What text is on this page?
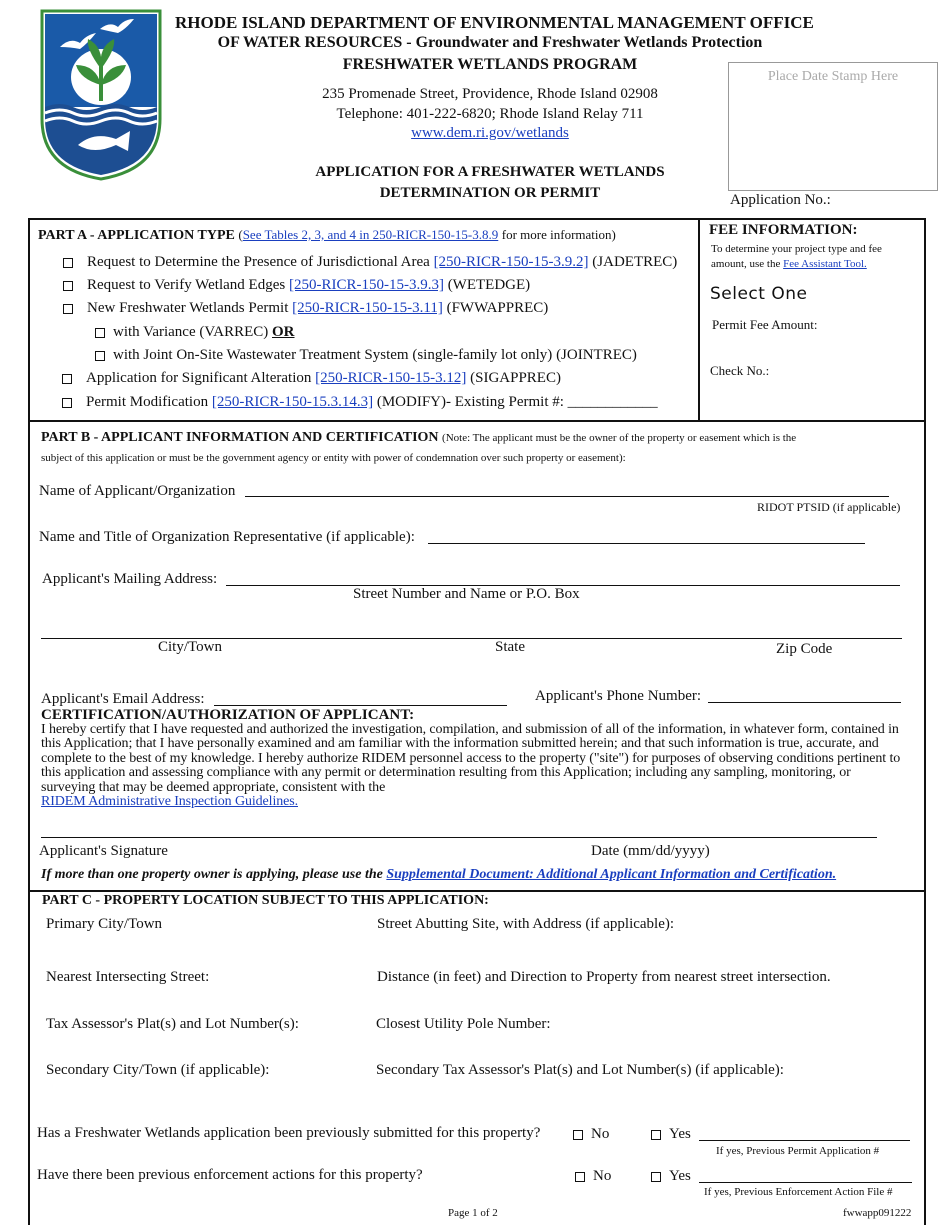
RHODE ISLAND DEPARTMENT OF ENVIRONMENTAL MANAGEMENT OFFICE
OF WATER RESOURCES - Groundwater and Freshwater Wetlands Protection
FRESHWATER WETLANDS PROGRAM
235 Promenade Street, Providence, Rhode Island 02908
Telephone: 401-222-6820; Rhode Island Relay 711
www.dem.ri.gov/wetlands
APPLICATION FOR A FRESHWATER WETLANDS
DETERMINATION OR PERMIT
Place Date Stamp Here
Application No.:
PART A - APPLICATION TYPE (See Tables 2, 3, and 4 in 250-RICR-150-15-3.8.9 for more information)
Request to Determine the Presence of Jurisdictional Area [250-RICR-150-15-3.9.2] (JADETREC)
Request to Verify Wetland Edges [250-RICR-150-15-3.9.3] (WETEDGE)
New Freshwater Wetlands Permit [250-RICR-150-15-3.11] (FWWAPPREC)
with Variance (VARREC) OR
with Joint On-Site Wastewater Treatment System (single-family lot only) (JOINTREC)
Application for Significant Alteration [250-RICR-150-15-3.12] (SIGAPPREC)
Permit Modification [250-RICR-150-15.3.14.3] (MODIFY)- Existing Permit #: ____________
FEE INFORMATION:
To determine your project type and fee
amount, use the Fee Assistant Tool.
Select One
Permit Fee Amount:
Check No.:
PART B - APPLICANT INFORMATION AND CERTIFICATION (Note: The applicant must be the owner of the property or easement which is the
subject of this application or must be the government agency or entity with power of condemnation over such property or easement):
Name of Applicant/Organization
RIDOT PTSID (if applicable)
Name and Title of Organization Representative (if applicable):
Applicant's Mailing Address:
Street Number and Name or P.O. Box
City/Town	State	Zip Code
Applicant's Email Address:	Applicant's Phone Number:
CERTIFICATION/AUTHORIZATION OF APPLICANT:
I hereby certify that I have requested and authorized the investigation, compilation, and submission of all of the information, in whatever form, contained in this Application; that I have personally examined and am familiar with the information submitted herein; and that such information is true, accurate, and complete to the best of my knowledge. I hereby authorize RIDEM personnel access to the property ("site") for purposes of observing conditions pertinent to this application and assessing compliance with any permit or determination resulting from this Application; including any sampling, monitoring, or surveying that may be deemed appropriate, consistent with the
RIDEM Administrative Inspection Guidelines.
Applicant's Signature	Date (mm/dd/yyyy)
If more than one property owner is applying, please use the Supplemental Document: Additional Applicant Information and Certification.
PART C - PROPERTY LOCATION SUBJECT TO THIS APPLICATION:
Primary City/Town	Street Abutting Site, with Address (if applicable):
Nearest Intersecting Street:	Distance (in feet) and Direction to Property from nearest street intersection.
Tax Assessor's Plat(s) and Lot Number(s):	Closest Utility Pole Number:
Secondary City/Town (if applicable):	Secondary Tax Assessor's Plat(s) and Lot Number(s) (if applicable):
Has a Freshwater Wetlands application been previously submitted for this property?	No	Yes
If yes, Previous Permit Application #
Have there been previous enforcement actions for this property?	No	Yes
If yes, Previous Enforcement Action File #
Page 1 of 2	fwwapp091222
